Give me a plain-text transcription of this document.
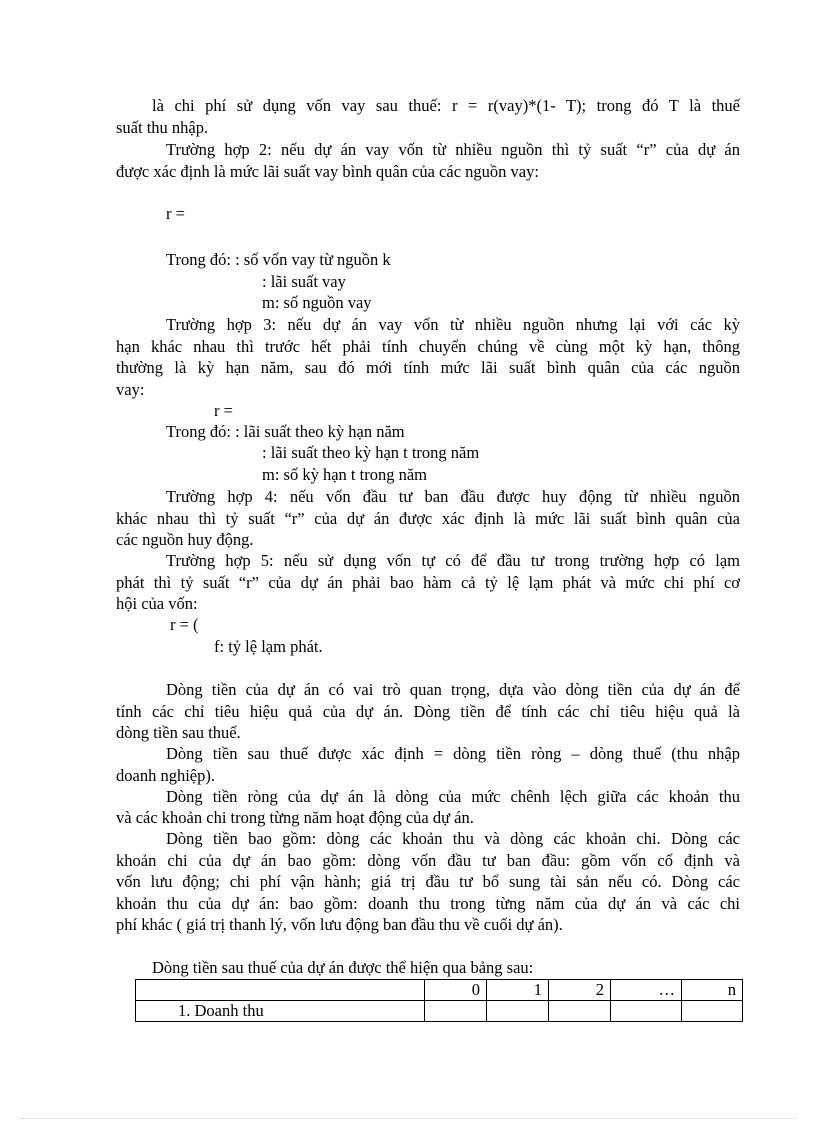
là chi phí sử dụng vốn vay sau thuế: r = r(vay)*(1- T); trong đó T là thuế
suất thu nhập.
Trường hợp 2: nếu dự án vay vốn từ nhiều nguồn thì tỷ suất “r” của dự án
được xác định là mức lãi suất vay bình quân của các nguồn vay:
r =
Trong đó: : số vốn vay từ nguồn k
: lãi suất vay
m: số nguồn vay
Trường hợp 3: nếu dự án vay vốn từ nhiều nguồn nhưng lại với các kỳ
hạn khác nhau thì trước hết phải tính chuyển chúng về cùng một kỳ hạn, thông
thường là kỳ hạn năm, sau đó mới tính mức lãi suất bình quân của các nguồn
vay:
r =
Trong đó: : lãi suất theo kỳ hạn năm
: lãi suất theo kỳ hạn t trong năm
m: số kỳ hạn t trong năm
Trường hợp 4: nếu vốn đầu tư ban đầu được huy động từ nhiều nguồn
khác nhau thì tỷ suất “r” của dự án được xác định là mức lãi suất bình quân của
các nguồn huy động.
Trường hợp 5: nếu sử dụng vốn tự có để đầu tư trong trường hợp có lạm
phát thì tỷ suất “r” của dự án phải bao hàm cả tỷ lệ lạm phát và mức chi phí cơ
hội của vốn:
r = (
f: tỷ lệ lạm phát.
Dòng tiền của dự án có vai trò quan trọng, dựa vào dòng tiền của dự án để
tính các chỉ tiêu hiệu quả của dự án. Dòng tiền để tính các chỉ tiêu hiệu quả là
dòng tiền sau thuế.
Dòng tiền sau thuế được xác định = dòng tiền ròng – dòng thuế (thu nhập
doanh nghiệp).
Dòng tiền ròng của dự án là dòng của mức chênh lệch giữa các khoản thu
và các khoản chi trong từng năm hoạt động của dự án.
Dòng tiền bao gồm: dòng các khoản thu và dòng các khoản chi. Dòng các
khoản chi của dự án bao gồm: dòng vốn đầu tư ban đầu: gồm vốn cố định và
vốn lưu động; chi phí vận hành; giá trị đầu tư bổ sung tài sản nếu có. Dòng các
khoản thu của dự án: bao gồm: doanh thu trong từng năm của dự án và các chi
phí khác ( giá trị thanh lý, vốn lưu động ban đầu thu về cuối dự án).
Dòng tiền sau thuế của dự án được thể hiện qua bảng sau:
	0	1	2	…	n
1. Doanh thu					
